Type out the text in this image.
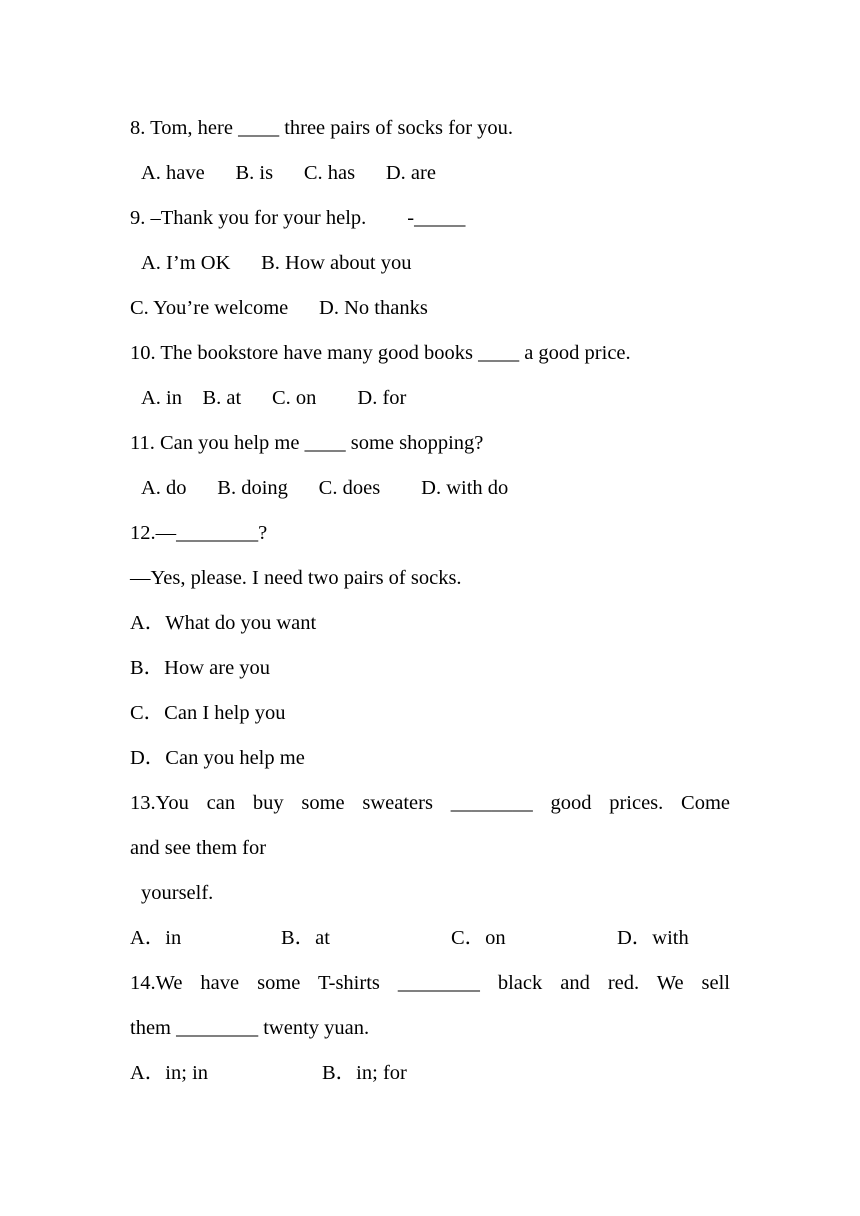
8. Tom, here ____ three pairs of socks for you.
A. have      B. is      C. has      D. are
9. –Thank you for your help.        -_____
A. I’m OK      B. How about you
C. You’re welcome      D. No thanks
10. The bookstore have many good books ____ a good price.
A. in    B. at      C. on        D. for
11. Can you help me ____ some shopping?
A. do      B. doing      C. does        D. with do
12.—________?
—Yes, please. I need two pairs of socks.
A．What do you want
B．How are you
C．Can I help you
D．Can you help me
13.You can buy some sweaters ________ good prices. Come
and see them for
yourself.
A．in	B．at	C．on	D．with
14.We have some T-shirts ________ black and red. We sell
them ________ twenty yuan.
A．in; in	B．in; for
